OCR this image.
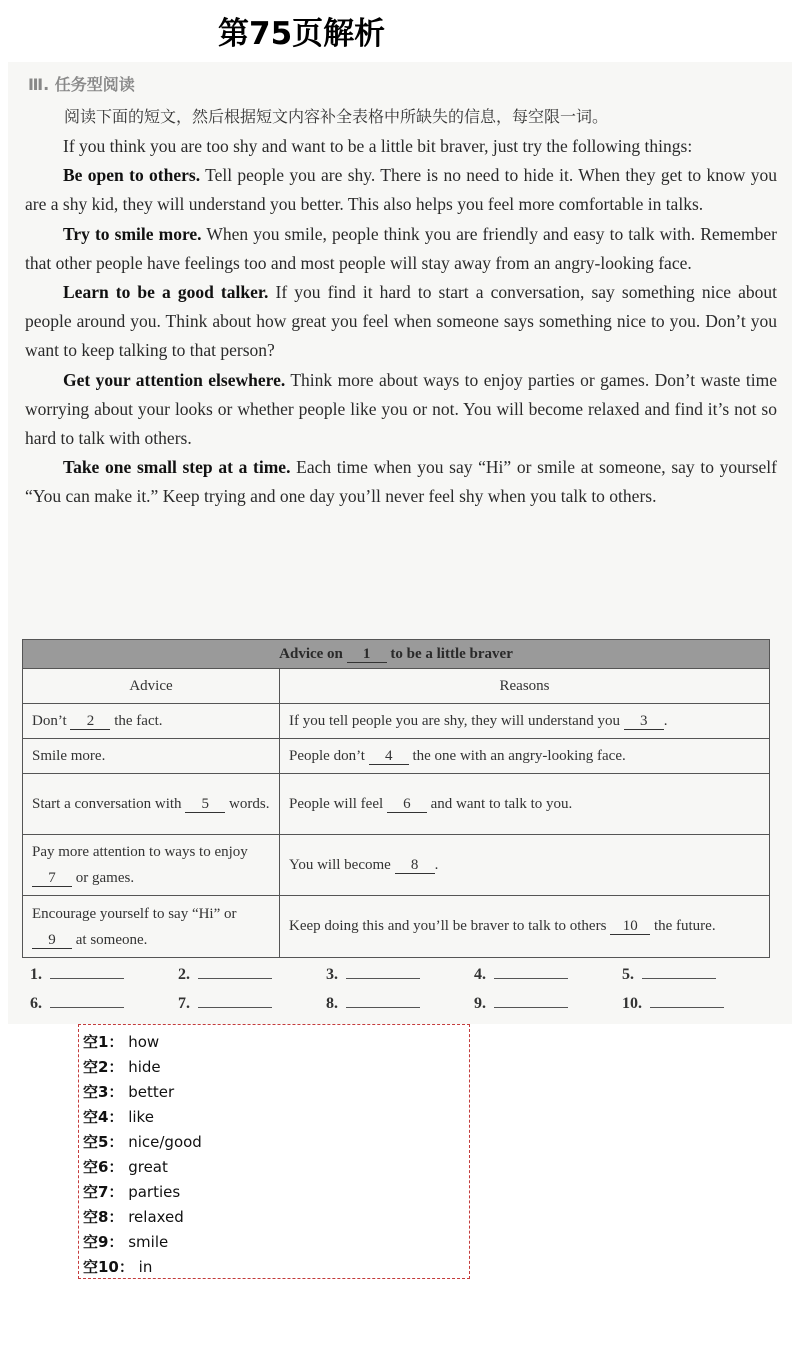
第75页解析
Ⅲ. 任务型阅读
阅读下面的短文，然后根据短文内容补全表格中所缺失的信息，每空限一词。

If you think you are too shy and want to be a little bit braver, just try the following things:

Be open to others. Tell people you are shy. There is no need to hide it. When they get to know you are a shy kid, they will understand you better. This also helps you feel more comfortable in talks.

Try to smile more. When you smile, people think you are friendly and easy to talk with. Remember that other people have feelings too and most people will stay away from an angry-looking face.

Learn to be a good talker. If you find it hard to start a conversation, say something nice about people around you. Think about how great you feel when someone says something nice to you. Don’t you want to keep talking to that person?

Get your attention elsewhere. Think more about ways to enjoy parties or games. Don’t waste time worrying about your looks or whether people like you or not. You will become relaxed and find it’s not so hard to talk with others.

Take one small step at a time. Each time when you say “Hi” or smile at someone, say to yourself “You can make it.” Keep trying and one day you’ll never feel shy when you talk to others.

Advice on 1 to be a little braver	
Advice	Reasons
Don’t 2 the fact.	If you tell people you are shy, they will understand you 3 .
Smile more.	People don’t 4 the one with an angry-looking face.
Start a conversation with 5 words.	People will feel 6 and want to talk to you.
Pay more attention to ways to enjoy 7 or games.	You will become 8 .
Encourage yourself to say “Hi” or 9 at someone.	Keep doing this and you’ll be braver to talk to others 10 the future.
1.	2.	3.	4.	5.
6.	7.	8.	9.	10.
空1： how
空2： hide
空3： better
空4： like
空5： nice/good
空6： great
空7： parties
空8： relaxed
空9： smile
空10： in
